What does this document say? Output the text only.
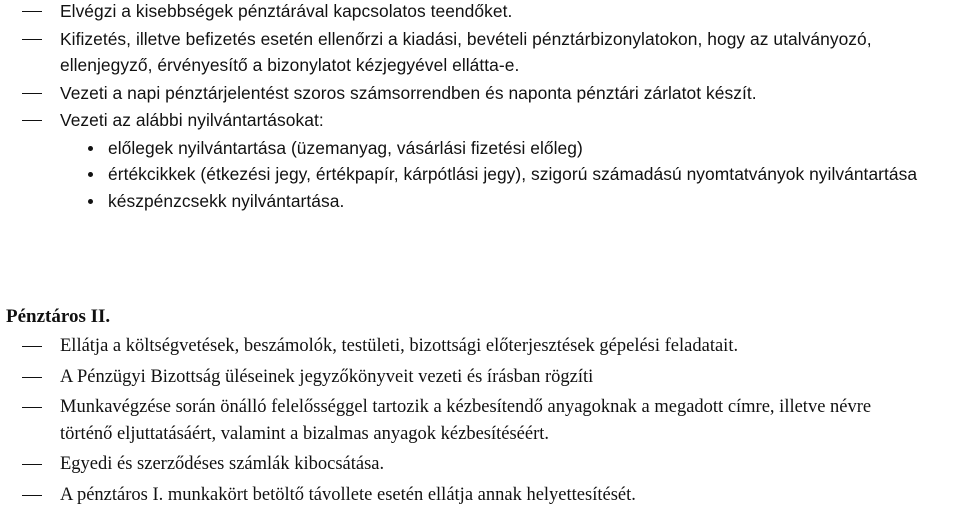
Elvégzi a kisebbségek pénztárával kapcsolatos teendőket.
Kifizetés, illetve befizetés esetén ellenőrzi a kiadási, bevételi pénztárbizonylatokon, hogy az utalványozó, ellenjegyző, érvényesítő a bizonylatot kézjegyével ellátta-e.
Vezeti a napi pénztárjelentést szoros számsorrendben és naponta pénztári zárlatot készít.
Vezeti az alábbi nyilvántartásokat:
előlegek nyilvántartása (üzemanyag, vásárlási fizetési előleg)
értékcikkek (étkezési jegy, értékpapír, kárpótlási jegy), szigorú számadású nyomtatványok nyilvántartása
készpénzcsekk nyilvántartása.
Pénztáros II.
Ellátja a költségvetések, beszámolók, testületi, bizottsági előterjesztések gépelési feladatait.
A Pénzügyi Bizottság üléseinek jegyzőkönyveit vezeti és írásban rögzíti
Munkavégzése során önálló felelősséggel tartozik a kézbesítendő anyagoknak a megadott címre, illetve névre történő eljuttatásáért, valamint a bizalmas anyagok kézbesítéséért.
Egyedi és szerződéses számlák kibocsátása.
A pénztáros I. munkakört betöltő távollete esetén ellátja annak helyettesítését.
